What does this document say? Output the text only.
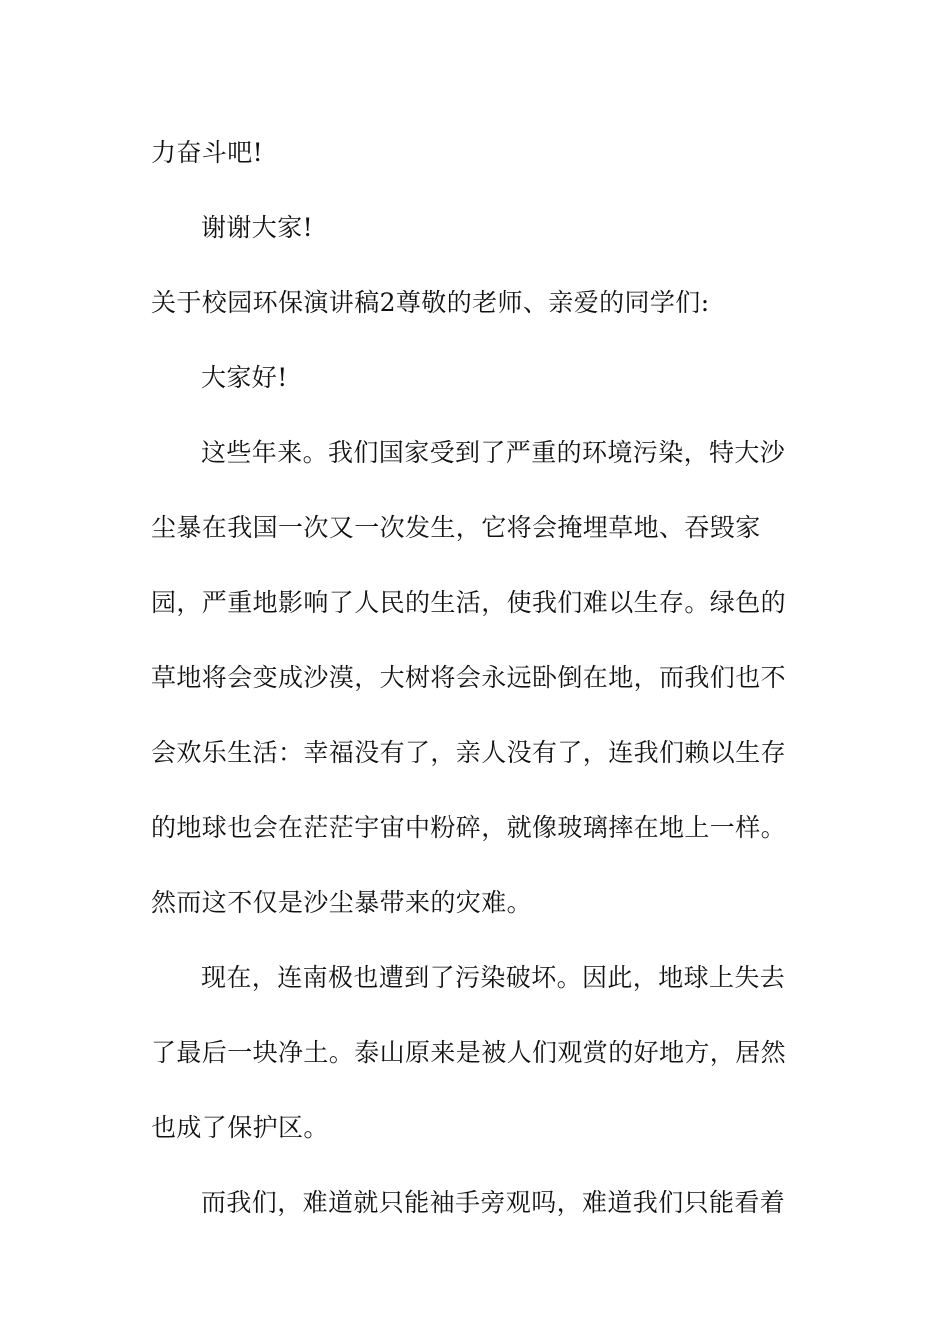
力奋斗吧!
谢谢大家!
关于校园环保演讲稿2尊敬的老师、亲爱的同学们:
大家好!
这些年来。我们国家受到了严重的环境污染，特大沙
尘暴在我国一次又一次发生，它将会掩埋草地、吞毁家
园，严重地影响了人民的生活，使我们难以生存。绿色的
草地将会变成沙漠，大树将会永远卧倒在地，而我们也不
会欢乐生活：幸福没有了，亲人没有了，连我们赖以生存
的地球也会在茫茫宇宙中粉碎，就像玻璃摔在地上一样。
然而这不仅是沙尘暴带来的灾难。
现在，连南极也遭到了污染破坏。因此，地球上失去
了最后一块净土。泰山原来是被人们观赏的好地方，居然
也成了保护区。
而我们，难道就只能袖手旁观吗，难道我们只能看着
